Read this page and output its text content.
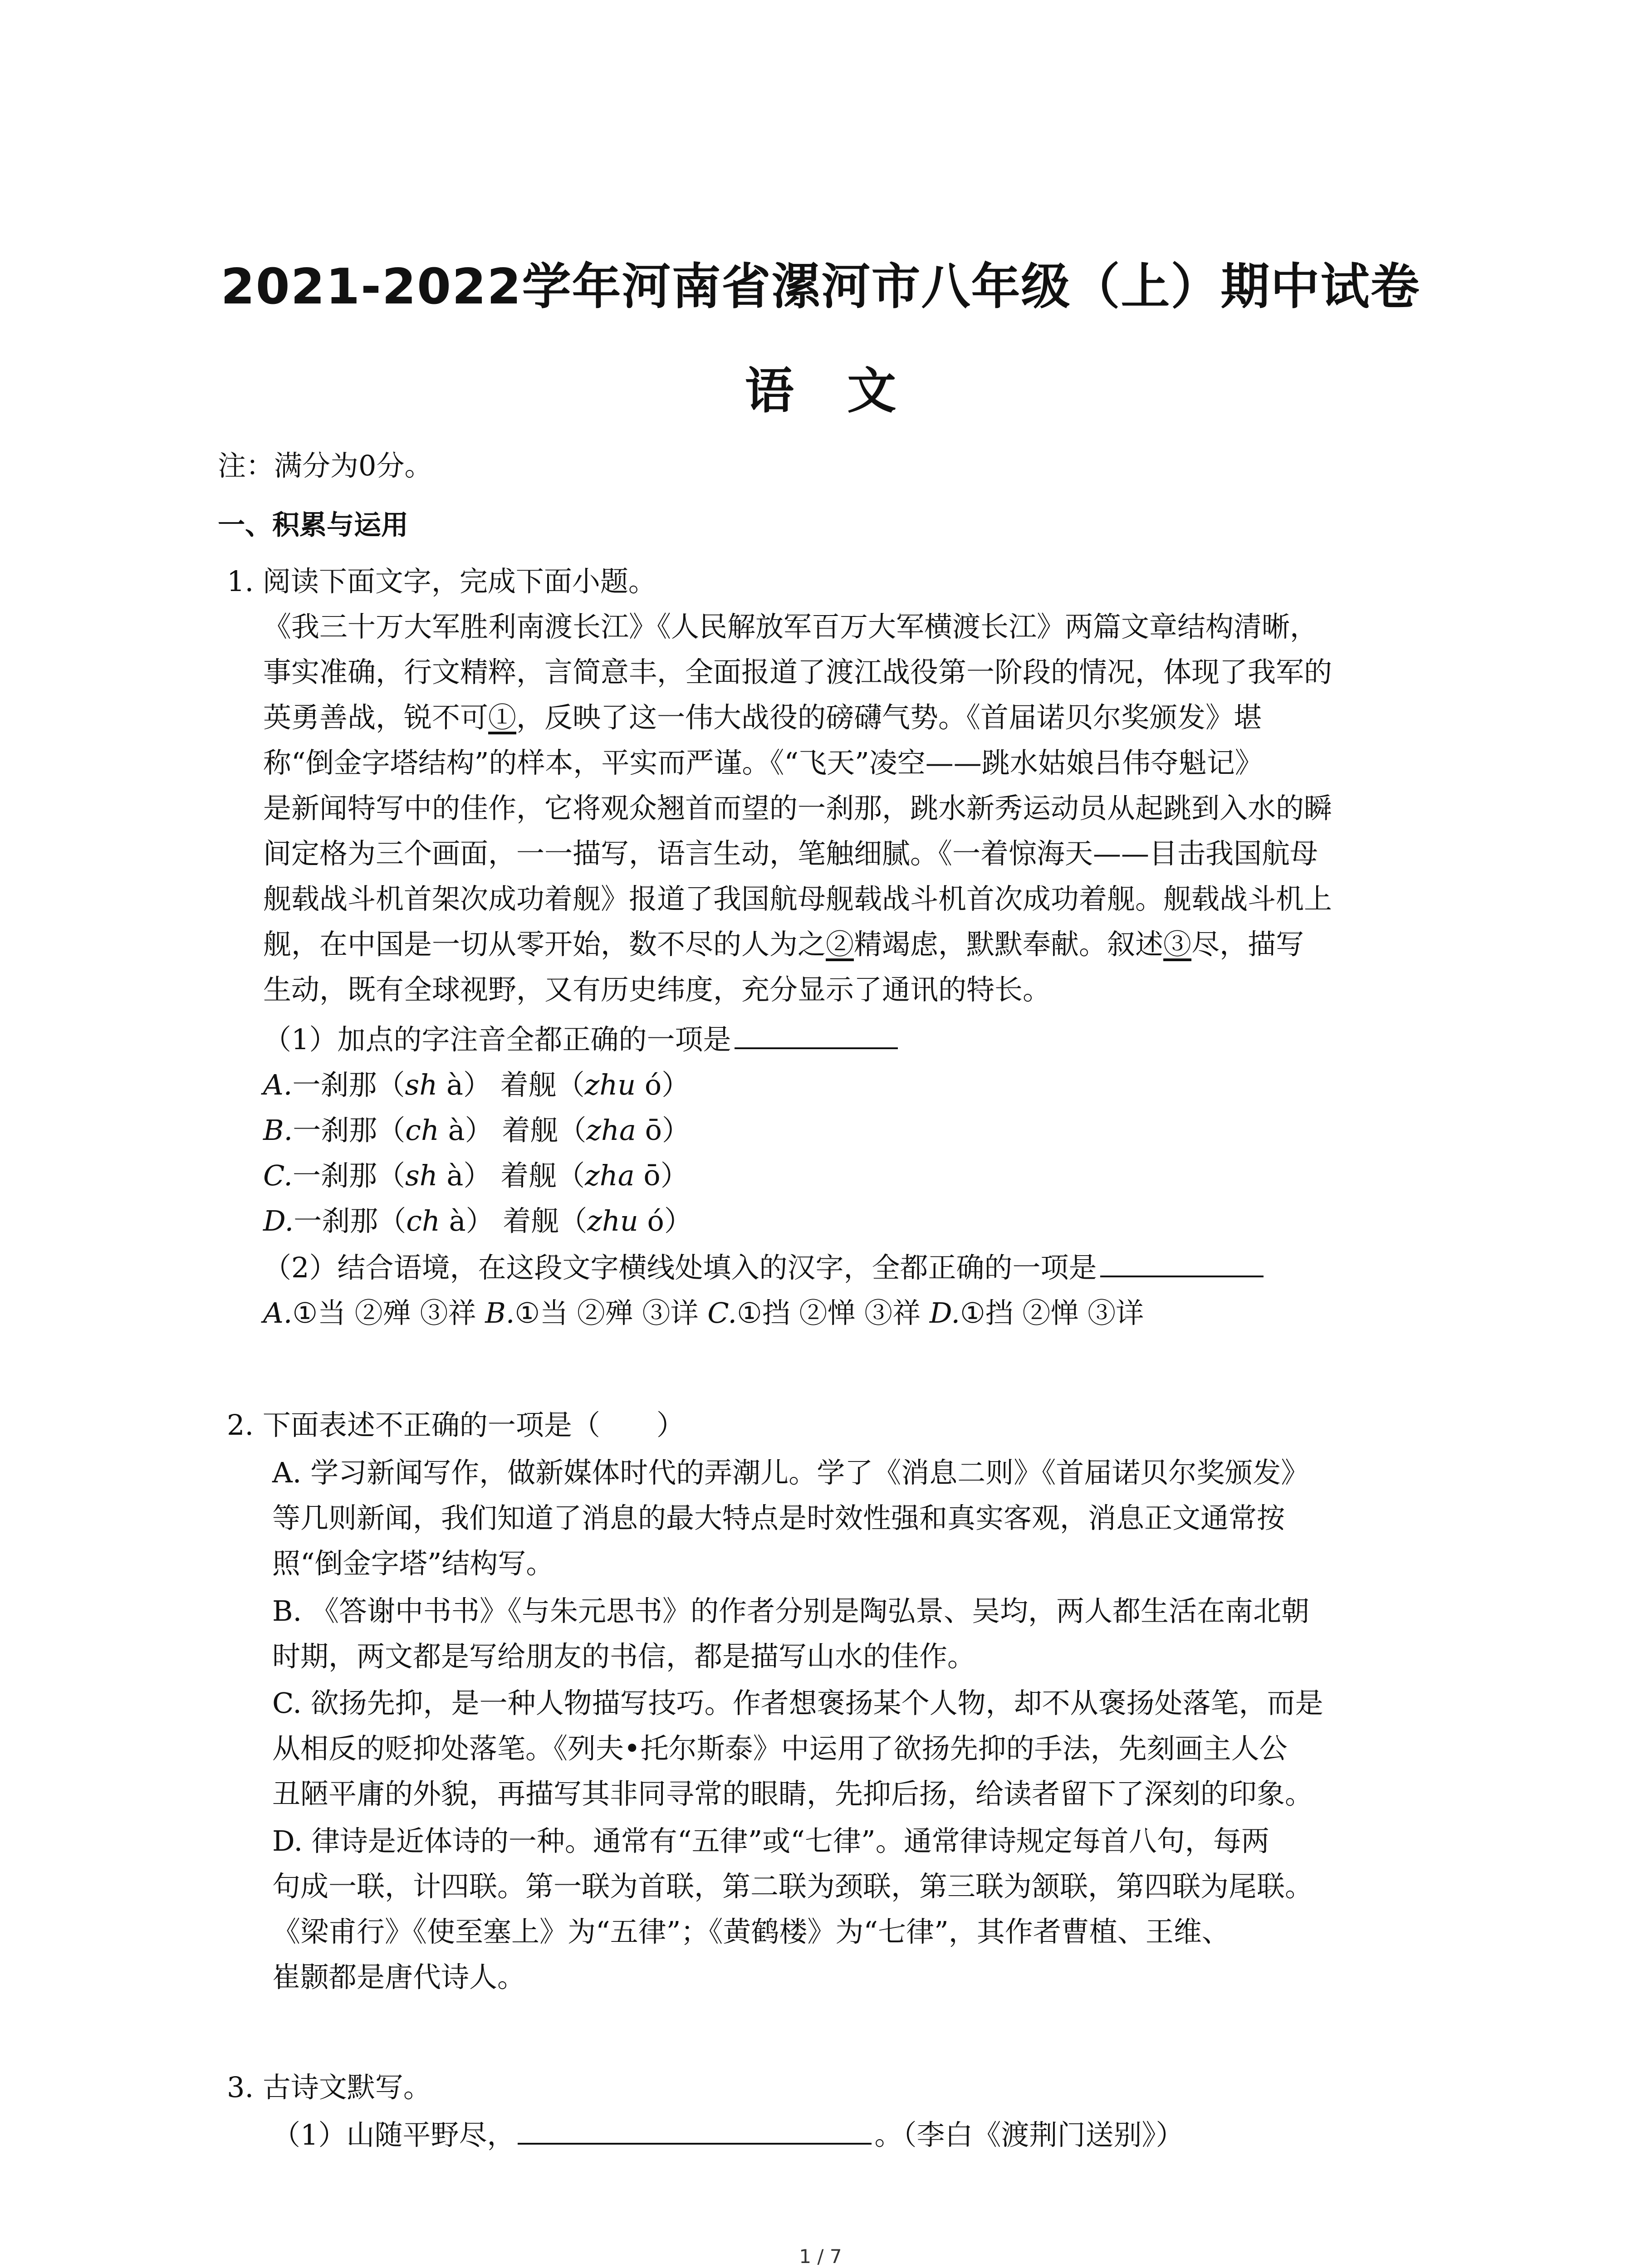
2021-2022学年河南省漯河市八年级（上）期中试卷
语 文
注：满分为0分。
一、积累与运用
1. 阅读下面文字，完成下面小题。
《我三十万大军胜利南渡长江》《人民解放军百万大军横渡长江》两篇文章结构清晰，
事实准确，行文精粹，言简意丰，全面报道了渡江战役第一阶段的情况，体现了我军的
英勇善战，锐不可①，反映了这一伟大战役的磅礴气势。《首届诺贝尔奖颁发》堪
称“倒金字塔结构”的样本，平实而严谨。《“飞天”凌空——跳水姑娘吕伟夺魁记》
是新闻特写中的佳作，它将观众翘首而望的一刹那，跳水新秀运动员从起跳到入水的瞬
间定格为三个画面，一一描写，语言生动，笔触细腻。《一着惊海天——目击我国航母
舰载战斗机首架次成功着舰》报道了我国航母舰载战斗机首次成功着舰。舰载战斗机上
舰，在中国是一切从零开始，数不尽的人为之②精竭虑，默默奉献。叙述③尽，描写
生动，既有全球视野，又有历史纬度，充分显示了通讯的特长。
（1）加点的字注音全都正确的一项是
A.一刹那（sh à） 着舰（zhu ó）
B.一刹那（ch à） 着舰（zha ō）
C.一刹那（sh à） 着舰（zha ō）
D.一刹那（ch à） 着舰（zhu ó）
（2）结合语境，在这段文字横线处填入的汉字，全都正确的一项是
A.①当 ②殚 ③祥 B.①当 ②殚 ③详 C.①挡 ②惮 ③祥 D.①挡 ②惮 ③详
2. 下面表述不正确的一项是（　　）
A. 学习新闻写作，做新媒体时代的弄潮儿。学了《消息二则》《首届诺贝尔奖颁发》
等几则新闻，我们知道了消息的最大特点是时效性强和真实客观，消息正文通常按
照“倒金字塔”结构写。
B. 《答谢中书书》《与朱元思书》的作者分别是陶弘景、吴均，两人都生活在南北朝
时期，两文都是写给朋友的书信，都是描写山水的佳作。
C. 欲扬先抑，是一种人物描写技巧。作者想褒扬某个人物，却不从褒扬处落笔，而是
从相反的贬抑处落笔。《列夫•托尔斯泰》中运用了欲扬先抑的手法，先刻画主人公
丑陋平庸的外貌，再描写其非同寻常的眼睛，先抑后扬，给读者留下了深刻的印象。
D. 律诗是近体诗的一种。通常有“五律”或“七律”。通常律诗规定每首八句，每两
句成一联，计四联。第一联为首联，第二联为颈联，第三联为颔联，第四联为尾联。
《梁甫行》《使至塞上》为“五律”；《黄鹤楼》为“七律”，其作者曹植、王维、
崔颢都是唐代诗人。
3. 古诗文默写。
（1）山随平野尽，	。（李白《渡荆门送别》）
1 / 7
